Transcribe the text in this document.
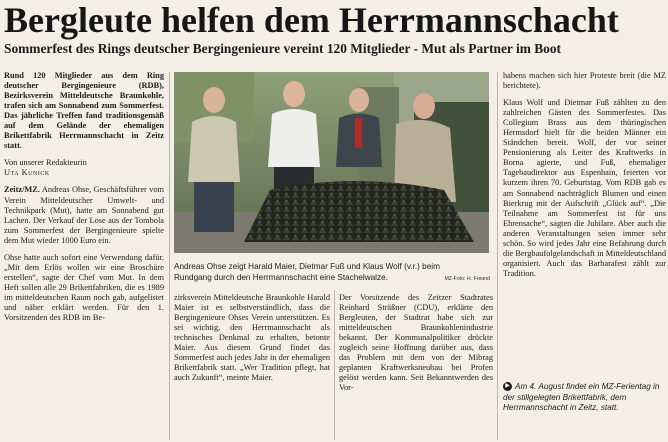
Bergleute helfen dem Herrmannschacht
Sommerfest des Rings deutscher Bergingenieure vereint 120 Mitglieder - Mut als Partner im Boot

Rund 120 Mitglieder aus dem Ring deutscher Bergingenieure (RDB), Bezirksverein Mitteldeutsche Braunkohle, trafen sich am Sonnabend zum Sommerfest. Das jährliche Treffen fand traditionsgemäß auf dem Gelände der ehemaligen Brikettfabrik Herrmannschacht in Zeitz statt.

Von unserer Redakteurin
Uta Kunick

Zeitz/MZ. Andreas Ohse, Geschäftsführer vom Verein Mitteldeutscher Umwelt- und Technikpark (Mut), hatte am Sonnabend gut Lachen. Der Verkauf der Lose aus der Tombola zum Sommerfest der Bergingenieure spielte dem Mut wieder 1000 Euro ein.

Ohse hatte auch sofort eine Verwendung dafür. „Mit dem Erlös wollen wir eine Broschüre erstellen“, sagte der Chef vom Mut. In dem Heft sollen alle 29 Brikettfabriken, die es 1989 im mitteldeutschen Raum noch gab, aufgelistet und näher erklärt werden. Für den 1. Vorsitzenden des RDB im Be-

Andreas Ohse zeigt Harald Maier, Dietmar Fuß und Klaus Wolf (v.r.) beim Rundgang durch den Herrmannschacht eine Stachelwalze.	MZ-Foto: H. Freund

zirksverein Mitteldeutsche Braunkohle Harald Maier ist es selbstverständlich, dass die Bergingenieure Ohses Verein unterstützen. Es sei wichtig, den Herrmannschacht als technisches Denkmal zu erhalten, betonte Maier. Aus diesem Grund findet das Sommerfest auch jedes Jahr in der ehemaligen Brikettfabrik statt. „Wer Tradition pflegt, hat auch Zukunft“, meinte Maier.

Der Vorsitzende des Zeitzer Stadtrates Reinhard Sträßner (CDU), erklärte den Bergleuten, der Stadtrat habe sich zur mitteldeutschen Braunkohlenindustrie bekannt. Der Kommunalpolitiker drückte zugleich seine Hoffnung darüber aus, dass das Problem mit dem von der Mibrag geplanten Kraftwerksneubau bei Profen gelöst werden kann. Seit Bekanntwerden des Vor-

habens machen sich hier Proteste breit (die MZ berichtete).

Klaus Wolf und Dietmar Fuß zählten zu den zahlreichen Gästen des Sommerfestes. Das Collegium Brass aus dem thüringischen Hermsdorf hielt für die beiden Männer ein Ständchen bereit. Wolf, der vor seiner Pensionierung als Leiter des Kraftwerks in Borna agierte, und Fuß, ehemaliger Tagebaudirektor aus Espenhain, feierten vor kurzem ihren 70. Geburtstag. Vom RDB gab es am Sonnabend nachträglich Blumen und einen Bierkrug mit der Aufschrift „Glück auf“. „Die Teilnahme am Sommerfest ist für uns Ehrensache“, sagten die Jubilare. Aber auch die anderen Veranstaltungen seien immer sehr schön. So wird jedes Jahr eine Befahrung durch die Bergbaufolgelandschaft in Mitteldeutschland organisiert. Auch das Barbarafest zählt zur Tradition.

▶ Am 4. August findet ein MZ-Ferientag in der stillgelegten Brikettfabrik, dem Herrmannschacht in Zeitz, statt.
